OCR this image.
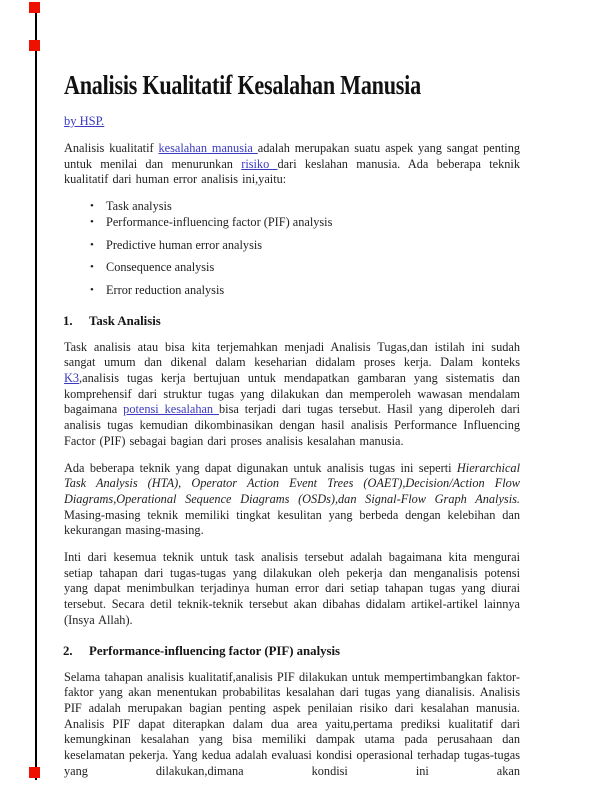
Analisis Kualitatif Kesalahan Manusia
by HSP.

Analisis kualitatif kesalahan manusia adalah merupakan suatu aspek yang sangat penting untuk menilai dan menurunkan risiko dari keslahan manusia. Ada beberapa teknik kualitatif dari human error analisis ini,yaitu:

• Task analysis
• Performance-influencing factor (PIF) analysis
• Predictive human error analysis
• Consequence analysis
• Error reduction analysis
1.	Task Analisis

Task analisis atau bisa kita terjemahkan menjadi Analisis Tugas,dan istilah ini sudah sangat umum dan dikenal dalam keseharian didalam proses kerja. Dalam konteks K3,analisis tugas kerja bertujuan untuk mendapatkan gambaran yang sistematis dan komprehensif dari struktur tugas yang dilakukan dan memperoleh wawasan mendalam bagaimana potensi kesalahan bisa terjadi dari tugas tersebut. Hasil yang diperoleh dari analisis tugas kemudian dikombinasikan dengan hasil analisis Performance Influencing Factor (PIF) sebagai bagian dari proses analisis kesalahan manusia.

Ada beberapa teknik yang dapat digunakan untuk analisis tugas ini seperti Hierarchical Task Analysis (HTA), Operator Action Event Trees (OAET),Decision/Action Flow Diagrams,Operational Sequence Diagrams (OSDs),dan Signal-Flow Graph Analysis. Masing-masing teknik memiliki tingkat kesulitan yang berbeda dengan kelebihan dan kekurangan masing-masing.

Inti dari kesemua teknik untuk task analisis tersebut adalah bagaimana kita mengurai setiap tahapan dari tugas-tugas yang dilakukan oleh pekerja dan menganalisis potensi yang dapat menimbulkan terjadinya human error dari setiap tahapan tugas yang diurai tersebut. Secara detil teknik-teknik tersebut akan dibahas didalam artikel-artikel lainnya (Insya Allah).

2.	Performance-influencing factor (PIF) analysis

Selama tahapan analisis kualitatif,analisis PIF dilakukan untuk mempertimbangkan faktor-faktor yang akan menentukan probabilitas kesalahan dari tugas yang dianalisis. Analisis PIF adalah merupakan bagian penting aspek penilaian risiko dari kesalahan manusia. Analisis PIF dapat diterapkan dalam dua area yaitu,pertama prediksi kualitatif dari kemungkinan kesalahan yang bisa memiliki dampak utama pada perusahaan dan keselamatan pekerja. Yang kedua adalah evaluasi kondisi operasional terhadap tugas-tugas yang dilakukan,dimana kondisi ini akan
